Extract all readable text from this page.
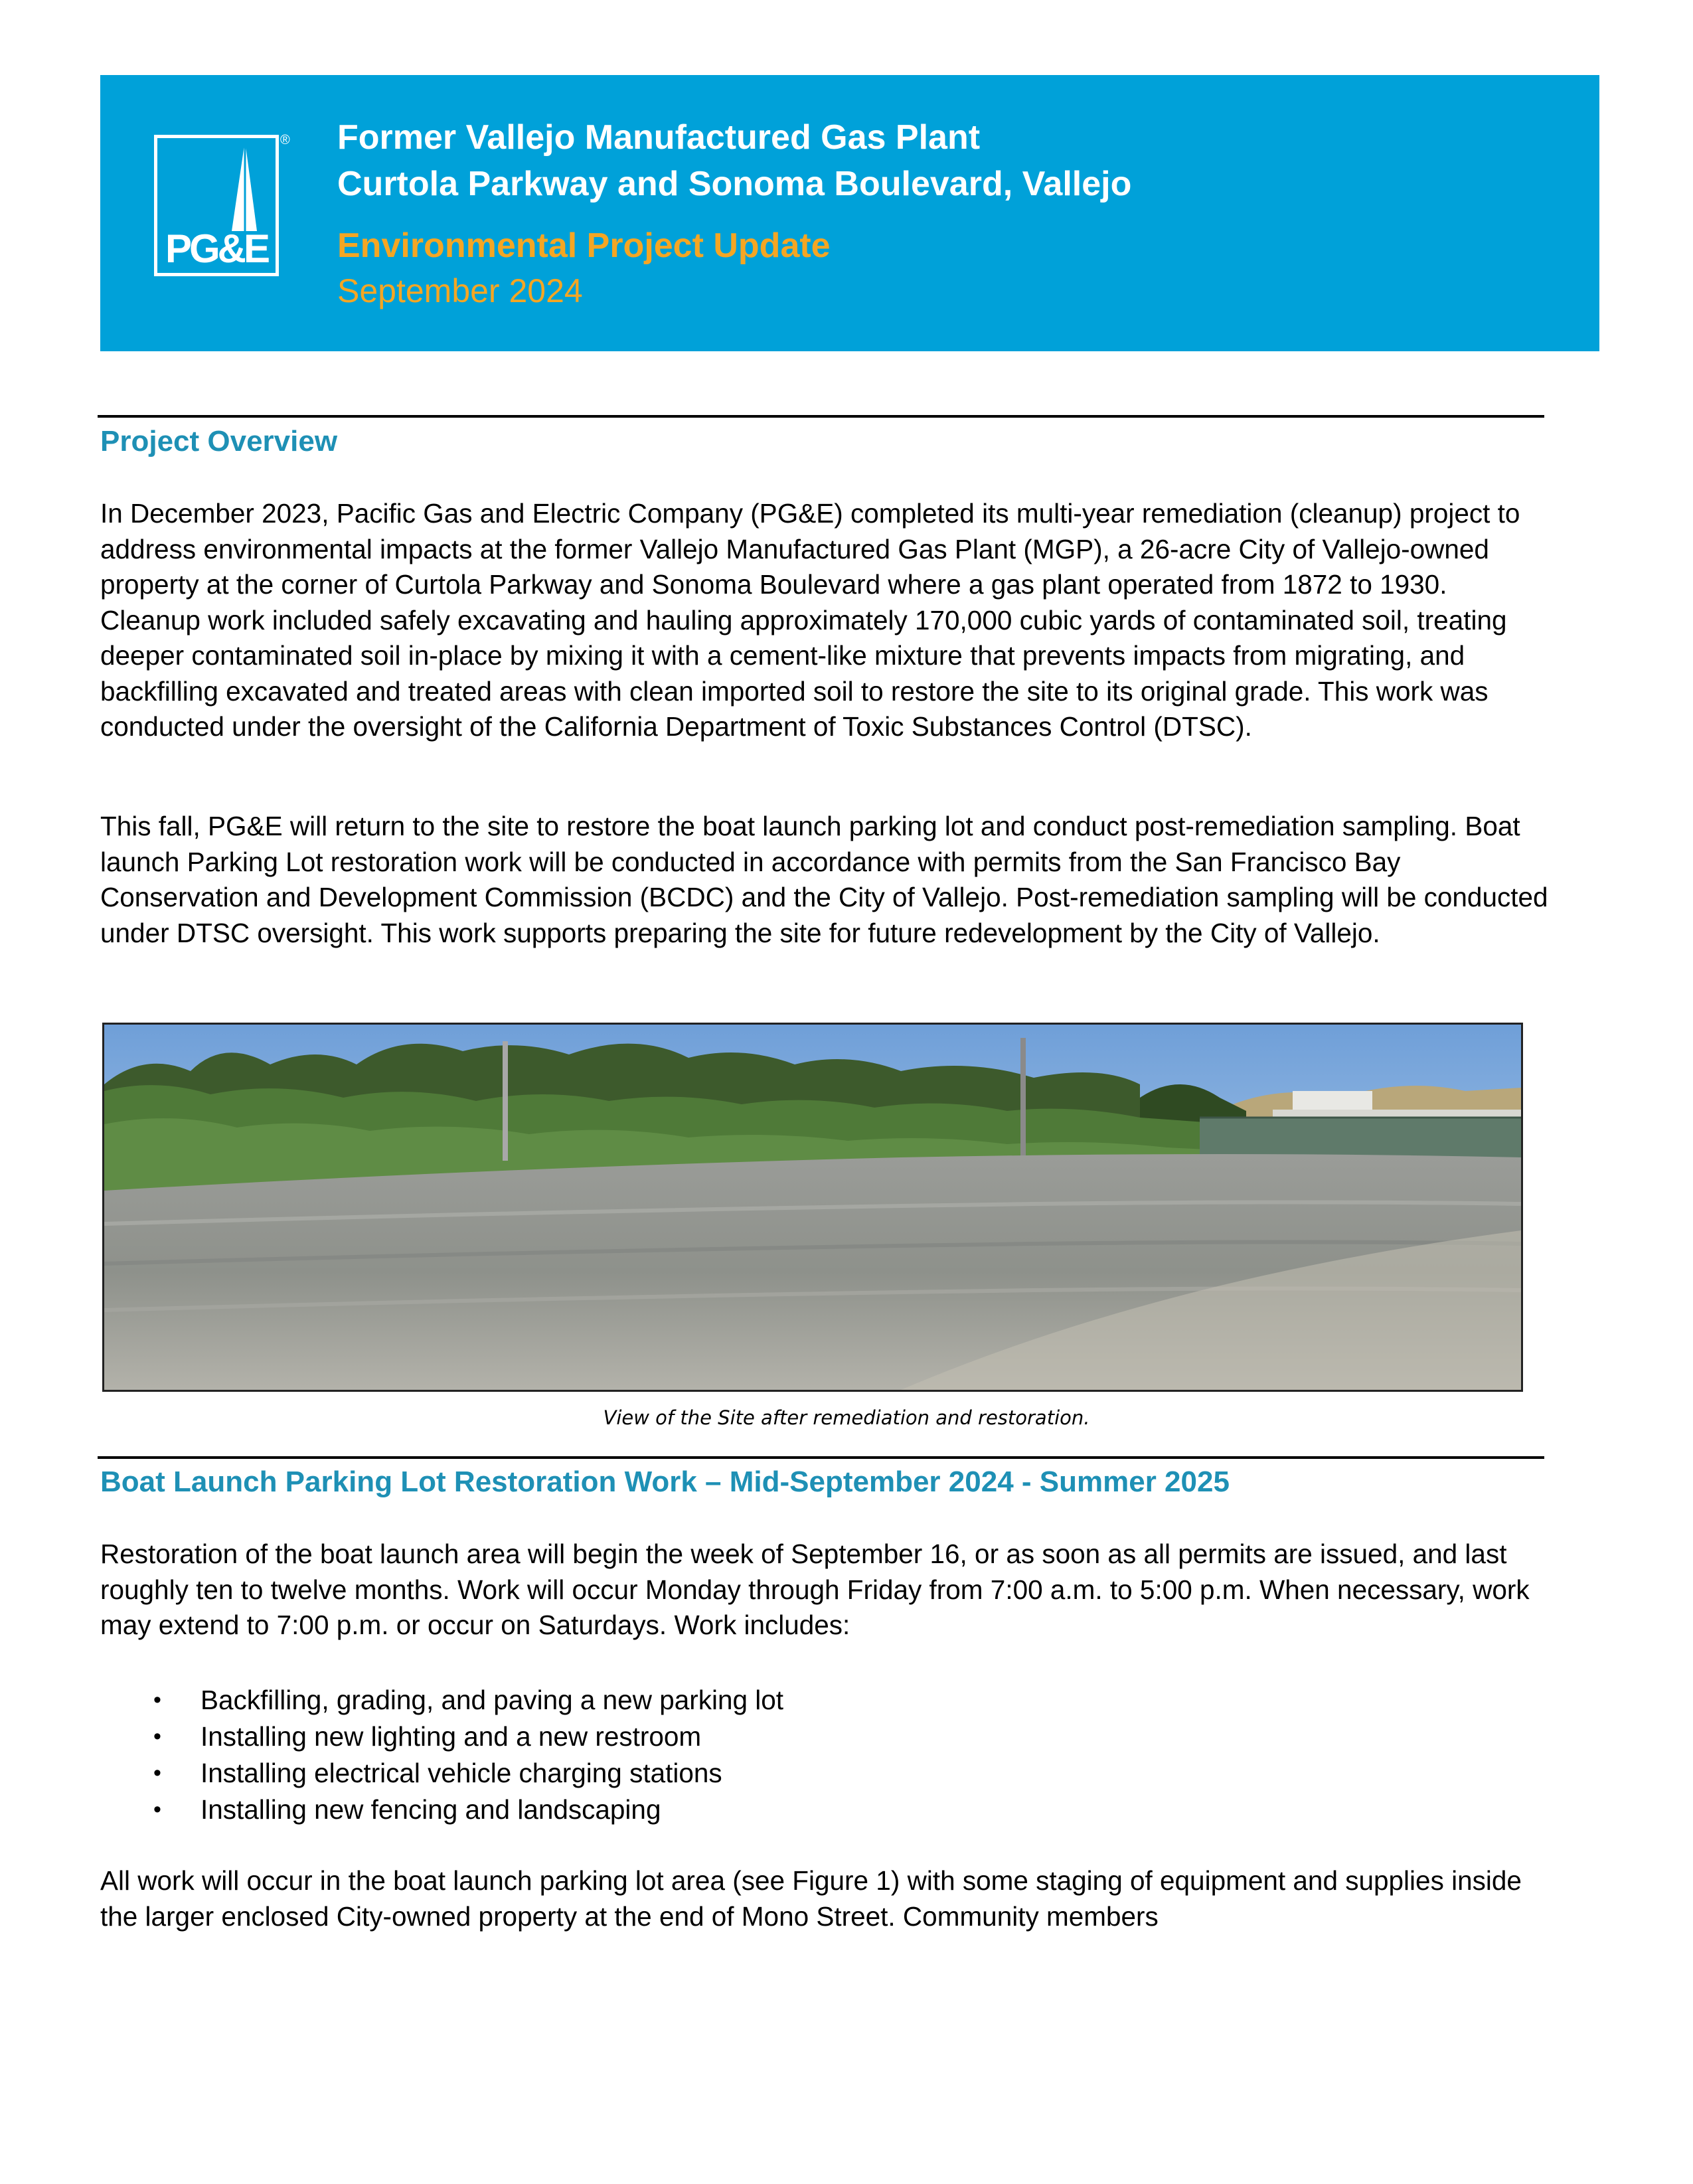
PG&E
® Former Vallejo Manufactured Gas Plant
Curtola Parkway and Sonoma Boulevard, Vallejo
Environmental Project Update
September 2024
Project Overview

In December 2023, Pacific Gas and Electric Company (PG&E) completed its multi-year remediation (cleanup) project to address environmental impacts at the former Vallejo Manufactured Gas Plant (MGP), a 26-acre City of Vallejo-owned property at the corner of Curtola Parkway and Sonoma Boulevard where a gas plant operated from 1872 to 1930. Cleanup work included safely excavating and hauling approximately 170,000 cubic yards of contaminated soil, treating deeper contaminated soil in-place by mixing it with a cement-like mixture that prevents impacts from migrating, and backfilling excavated and treated areas with clean imported soil to restore the site to its original grade. This work was conducted under the oversight of the California Department of Toxic Substances Control (DTSC).

This fall, PG&E will return to the site to restore the boat launch parking lot and conduct post-remediation sampling. Boat launch Parking Lot restoration work will be conducted in accordance with permits from the San Francisco Bay Conservation and Development Commission (BCDC) and the City of Vallejo. Post-remediation sampling will be conducted under DTSC oversight. This work supports preparing the site for future redevelopment by the City of Vallejo.

View of the Site after remediation and restoration.
Boat Launch Parking Lot Restoration Work – Mid-September 2024 - Summer 2025

Restoration of the boat launch area will begin the week of September 16, or as soon as all permits are issued, and last roughly ten to twelve months. Work will occur Monday through Friday from 7:00 a.m. to 5:00 p.m. When necessary, work may extend to 7:00 p.m. or occur on Saturdays. Work includes:

• Backfilling, grading, and paving a new parking lot
• Installing new lighting and a new restroom
• Installing electrical vehicle charging stations
• Installing new fencing and landscaping

All work will occur in the boat launch parking lot area (see Figure 1) with some staging of equipment and supplies inside the larger enclosed City-owned property at the end of Mono Street. Community members
